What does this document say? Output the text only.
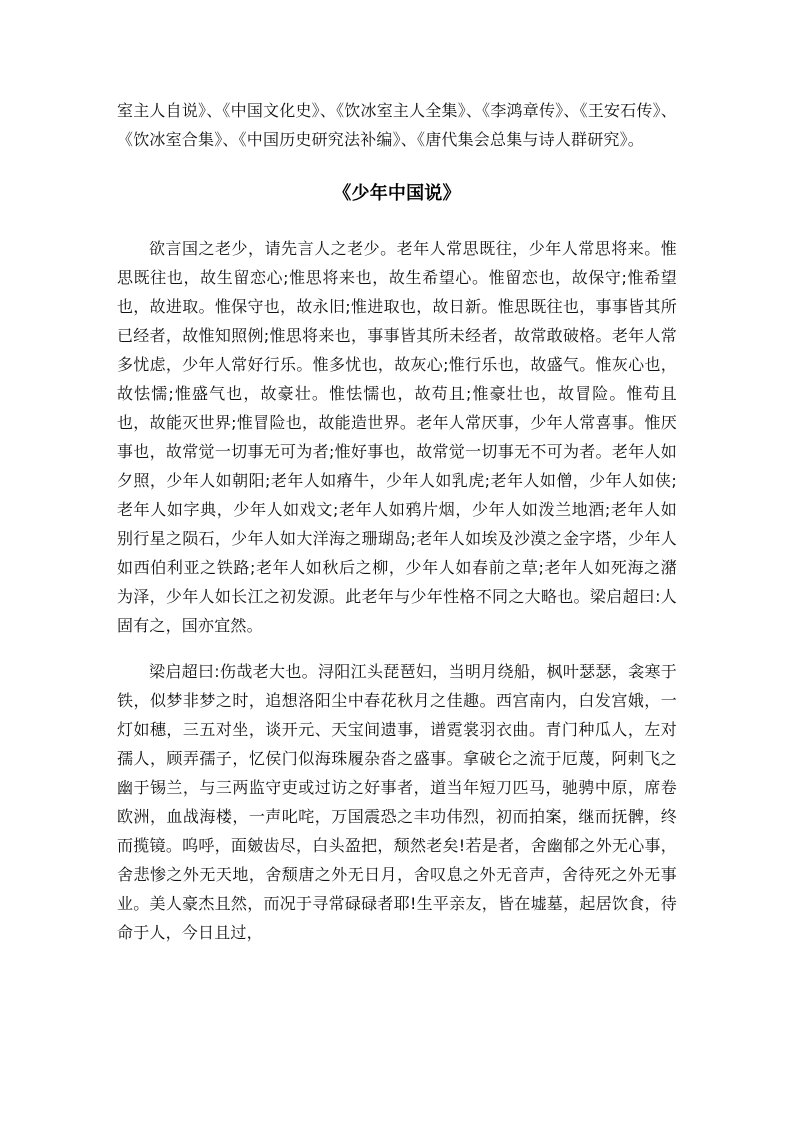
室主人自说》、《中国文化史》、《饮冰室主人全集》、《李鸿章传》、《王安石传》、《饮冰室合集》、《中国历史研究法补编》、《唐代集会总集与诗人群研究》。

《少年中国说》

欲言国之老少，请先言人之老少。老年人常思既往，少年人常思将来。惟思既往也，故生留恋心;惟思将来也，故生希望心。惟留恋也，故保守;惟希望也，故进取。惟保守也，故永旧;惟进取也，故日新。惟思既往也，事事皆其所已经者，故惟知照例;惟思将来也，事事皆其所未经者，故常敢破格。老年人常多忧虑，少年人常好行乐。惟多忧也，故灰心;惟行乐也，故盛气。惟灰心也，故怯懦;惟盛气也，故豪壮。惟怯懦也，故苟且;惟豪壮也，故冒险。惟苟且也，故能灭世界;惟冒险也，故能造世界。老年人常厌事，少年人常喜事。惟厌事也，故常觉一切事无可为者;惟好事也，故常觉一切事无不可为者。老年人如夕照，少年人如朝阳;老年人如瘠牛，少年人如乳虎;老年人如僧，少年人如侠;老年人如字典，少年人如戏文;老年人如鸦片烟，少年人如泼兰地酒;老年人如别行星之陨石，少年人如大洋海之珊瑚岛;老年人如埃及沙漠之金字塔，少年人如西伯利亚之铁路;老年人如秋后之柳，少年人如春前之草;老年人如死海之潴为泽，少年人如长江之初发源。此老年与少年性格不同之大略也。梁启超曰:人固有之，国亦宜然。

梁启超曰:伤哉老大也。浔阳江头琵琶妇，当明月绕船，枫叶瑟瑟，衾寒于铁，似梦非梦之时，追想洛阳尘中春花秋月之佳趣。西宫南内，白发宫娥，一灯如穗，三五对坐，谈开元、天宝间遗事，谱霓裳羽衣曲。青门种瓜人，左对孺人，顾弄孺子，忆侯门似海珠履杂沓之盛事。拿破仑之流于厄蔑，阿剌飞之幽于锡兰，与三两监守吏或过访之好事者，道当年短刀匹马，驰骋中原，席卷欧洲，血战海楼，一声叱咤，万国震恐之丰功伟烈，初而拍案，继而抚髀，终而揽镜。呜呼，面皴齿尽，白头盈把，颓然老矣!若是者，舍幽郁之外无心事，舍悲惨之外无天地，舍颓唐之外无日月，舍叹息之外无音声，舍待死之外无事业。美人豪杰且然，而况于寻常碌碌者耶!生平亲友，皆在墟墓，起居饮食，待命于人，今日且过，
